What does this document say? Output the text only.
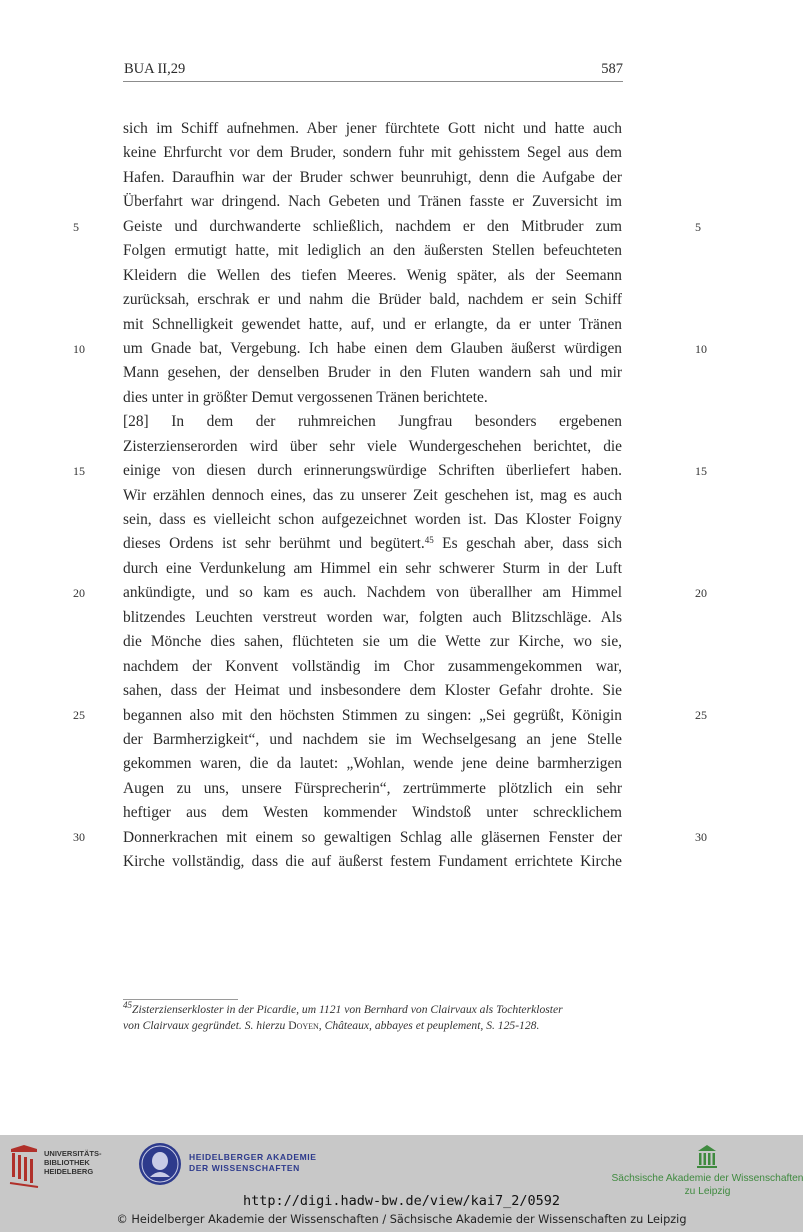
BUA II,29	587
sich im Schiff aufnehmen. Aber jener fürchtete Gott nicht und hatte auch
keine Ehrfurcht vor dem Bruder, sondern fuhr mit gehisstem Segel aus dem
Hafen. Daraufhin war der Bruder schwer beunruhigt, denn die Aufgabe der
Überfahrt war dringend. Nach Gebeten und Tränen fasste er Zuversicht im
Geiste und durchwanderte schließlich, nachdem er den Mitbruder zum
Folgen ermutigt hatte, mit lediglich an den äußersten Stellen befeuchteten
Kleidern die Wellen des tiefen Meeres. Wenig später, als der Seemann
zurücksah, erschrak er und nahm die Brüder bald, nachdem er sein Schiff
mit Schnelligkeit gewendet hatte, auf, und er erlangte, da er unter Tränen
um Gnade bat, Vergebung. Ich habe einen dem Glauben äußerst würdigen
Mann gesehen, der denselben Bruder in den Fluten wandern sah und mir
dies unter in größter Demut vergossenen Tränen berichtete.
[28] In dem der ruhmreichen Jungfrau besonders ergebenen
Zisterzienserorden wird über sehr viele Wundergeschehen berichtet, die
einige von diesen durch erinnerungswürdige Schriften überliefert haben.
Wir erzählen dennoch eines, das zu unserer Zeit geschehen ist, mag es auch
sein, dass es vielleicht schon aufgezeichnet worden ist. Das Kloster Foigny
dieses Ordens ist sehr berühmt und begütert.$^{45}$ Es geschah aber, dass sich
durch eine Verdunkelung am Himmel ein sehr schwerer Sturm in der Luft
ankündigte, und so kam es auch. Nachdem von überallher am Himmel
blitzendes Leuchten verstreut worden war, folgten auch Blitzschläge. Als
die Mönche dies sahen, flüchteten sie um die Wette zur Kirche, wo sie,
nachdem der Konvent vollständig im Chor zusammengekommen war,
sahen, dass der Heimat und insbesondere dem Kloster Gefahr drohte. Sie
begannen also mit den höchsten Stimmen zu singen: „Sei gegrüßt, Königin
der Barmherzigkeit“, und nachdem sie im Wechselgesang an jene Stelle
gekommen waren, die da lautet: „Wohlan, wende jene deine barmherzigen
Augen zu uns, unsere Fürsprecherin“, zertrümmerte plötzlich ein sehr
heftiger aus dem Westen kommender Windstoß unter schrecklichem
Donnerkrachen mit einem so gewaltigen Schlag alle gläsernen Fenster der
Kirche vollständig, dass die auf äußerst festem Fundament errichtete Kirche
5	5
10	10
15	15
20	20
25	25
30	30
$^{45}$Zisterzienserkloster in der Picardie, um 1121 von Bernhard von Clairvaux als Tochterkloster
von Clairvaux gegründet. S. hierzu Doyen, Châteaux, abbayes et peuplement, S. 125-128.
UNIVERSITÄTS-
BIBLIOTHEK
HEIDELBERG
HEIDELBERGER AKADEMIE
DER WISSENSCHAFTEN
Sächsische Akademie der Wissenschaften
zu Leipzig
http://digi.hadw-bw.de/view/kai7_2/0592
© Heidelberger Akademie der Wissenschaften / Sächsische Akademie der Wissenschaften zu Leipzig
